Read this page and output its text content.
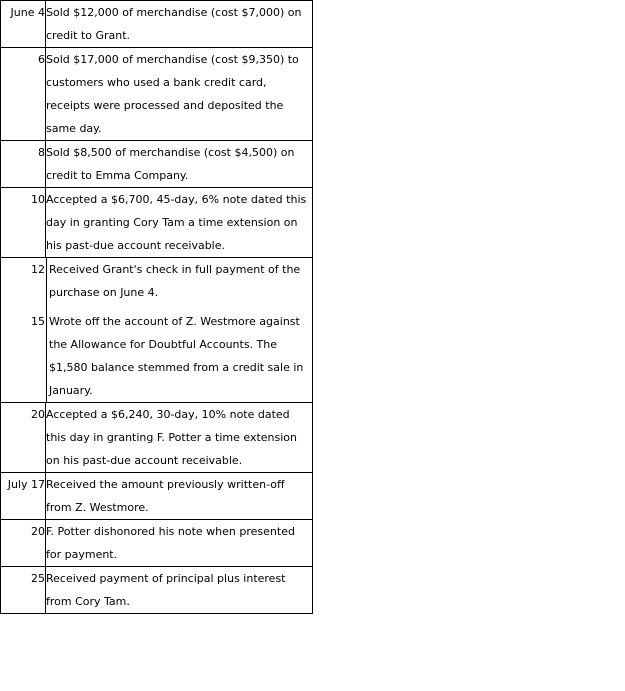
June 4	Sold $12,000 of merchandise (cost $7,000) on credit to Grant.
6	Sold $17,000 of merchandise (cost $9,350) to customers who used a bank credit card, receipts were processed and deposited the same day.
8	Sold $8,500 of merchandise (cost $4,500) on credit to Emma Company.
10	Accepted a $6,700, 45-day, 6% note dated this day in granting Cory Tam a time extension on his past-due account receivable.

12 Received Grant's check in full payment of the purchase on June 4.
15 Wrote off the account of Z. Westmore against the Allowance for Doubtful Accounts. The $1,580 balance stemmed from a credit sale in January.	

20	Accepted a $6,240, 30-day, 10% note dated this day in granting F. Potter a time extension on his past-due account receivable.
July 17	Received the amount previously written-off from Z. Westmore.
20	F. Potter dishonored his note when presented for payment.
25	Received payment of principal plus interest from Cory Tam.
